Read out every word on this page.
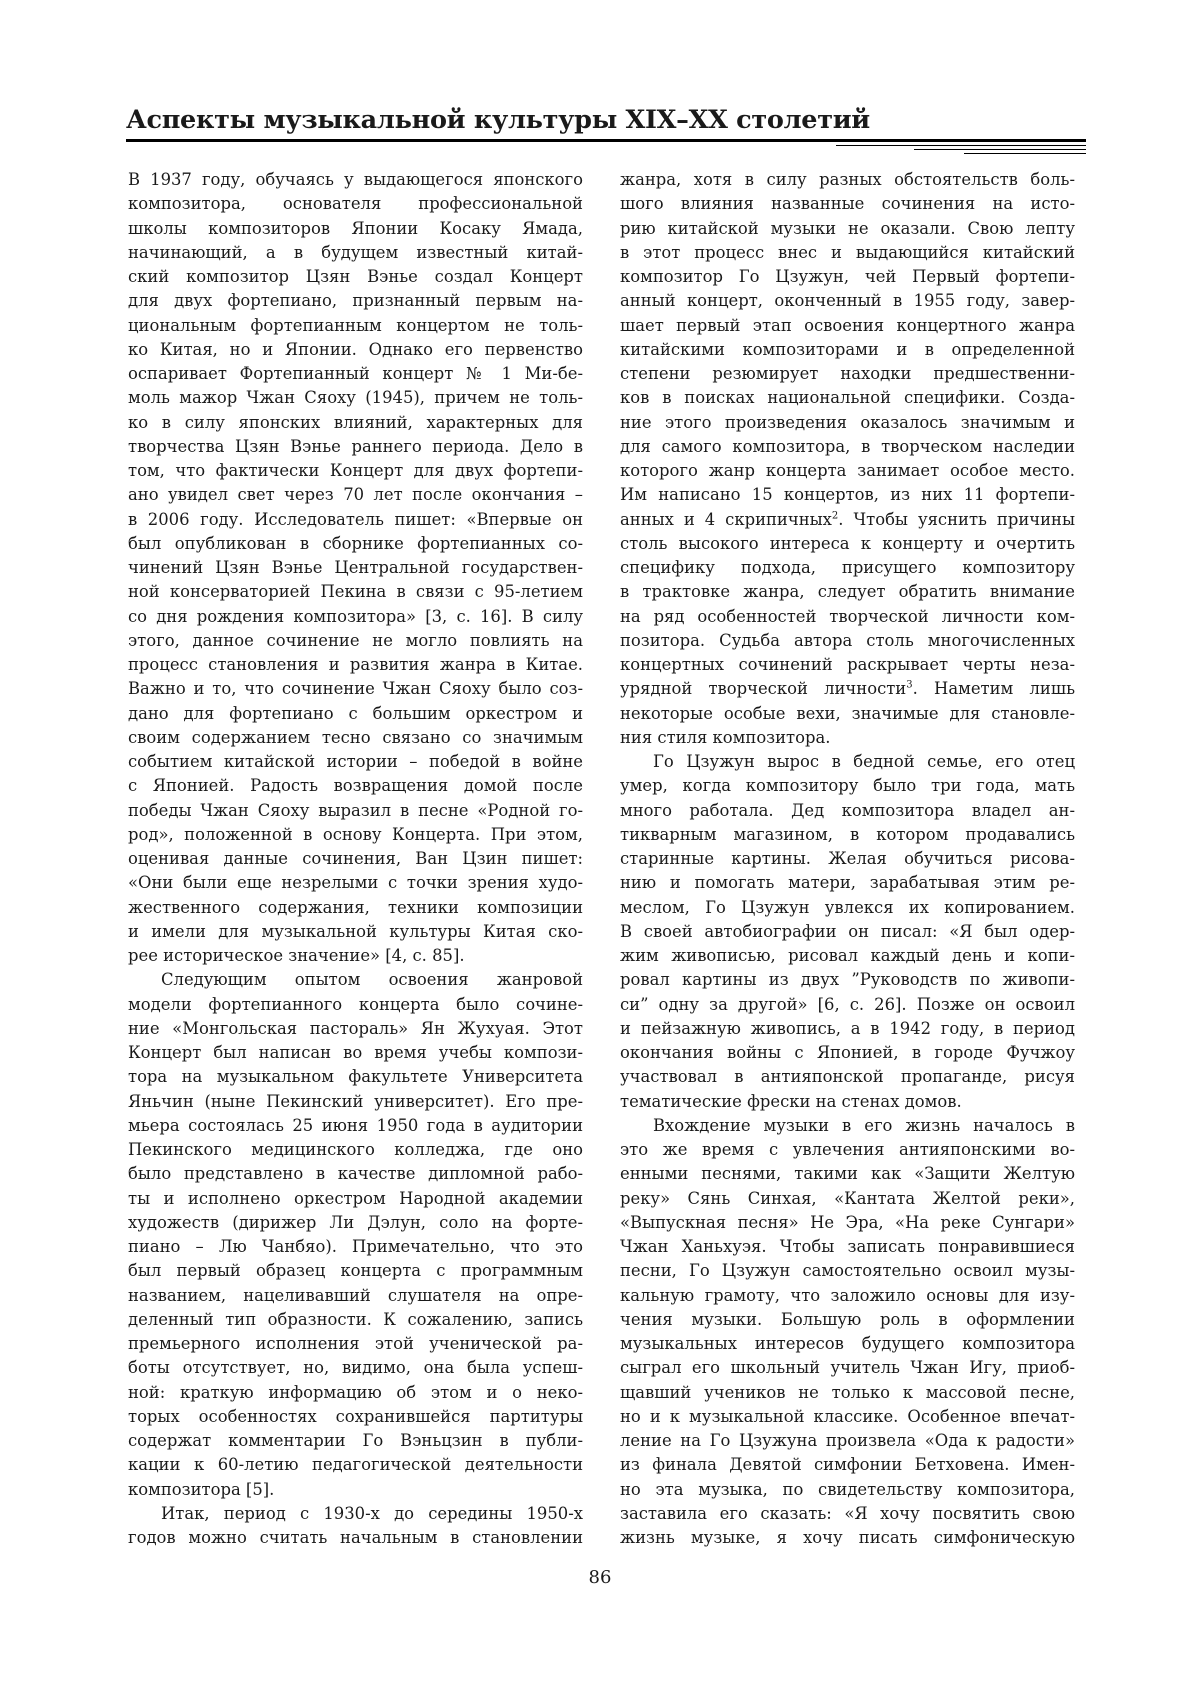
Аспекты музыкальной культуры XIX–XX столетий
В 1937 году, обучаясь у выдающегося японского
композитора, основателя профессиональной
школы композиторов Японии Косаку Ямада,
начинающий, а в будущем известный китай-
ский композитор Цзян Вэнье создал Концерт
для двух фортепиано, признанный первым на-
циональным фортепианным концертом не толь-
ко Китая, но и Японии. Однако его первенство
оспаривает Фортепианный концерт № 1 Ми-бе-
моль мажор Чжан Сяоху (1945), причем не толь-
ко в силу японских влияний, характерных для
творчества Цзян Вэнье раннего периода. Дело в
том, что фактически Концерт для двух фортепи-
ано увидел свет через 70 лет после окончания –
в 2006 году. Исследователь пишет: «Впервые он
был опубликован в сборнике фортепианных со-
чинений Цзян Вэнье Центральной государствен-
ной консерваторией Пекина в связи с 95-летием
со дня рождения композитора» [3, с. 16]. В силу
этого, данное сочинение не могло повлиять на
процесс становления и развития жанра в Китае.
Важно и то, что сочинение Чжан Сяоху было соз-
дано для фортепиано с большим оркестром и
своим содержанием тесно связано со значимым
событием китайской истории – победой в войне
с Японией. Радость возвращения домой после
победы Чжан Сяоху выразил в песне «Родной го-
род», положенной в основу Концерта. При этом,
оценивая данные сочинения, Ван Цзин пишет:
«Они были еще незрелыми с точки зрения худо-
жественного содержания, техники композиции
и имели для музыкальной культуры Китая ско-
рее историческое значение» [4, с. 85].
Следующим опытом освоения жанровой
модели фортепианного концерта было сочине-
ние «Монгольская пастораль» Ян Жухуая. Этот
Концерт был написан во время учебы компози-
тора на музыкальном факультете Университета
Яньчин (ныне Пекинский университет). Его пре-
мьера состоялась 25 июня 1950 года в аудитории
Пекинского медицинского колледжа, где оно
было представлено в качестве дипломной рабо-
ты и исполнено оркестром Народной академии
художеств (дирижер Ли Дэлун, соло на форте-
пиано – Лю Чанбяо). Примечательно, что это
был первый образец концерта с программным
названием, нацеливавший слушателя на опре-
деленный тип образности. К сожалению, запись
премьерного исполнения этой ученической ра-
боты отсутствует, но, видимо, она была успеш-
ной: краткую информацию об этом и о неко-
торых особенностях сохранившейся партитуры
содержат комментарии Го Вэньцзин в публи-
кации к 60-летию педагогической деятельности
композитора [5].
Итак, период с 1930-х до середины 1950-х
годов можно считать начальным в становлении
жанра, хотя в силу разных обстоятельств боль-
шого влияния названные сочинения на исто-
рию китайской музыки не оказали. Свою лепту
в этот процесс внес и выдающийся китайский
композитор Го Цзужун, чей Первый фортепи-
анный концерт, оконченный в 1955 году, завер-
шает первый этап освоения концертного жанра
китайскими композиторами и в определенной
степени резюмирует находки предшественни-
ков в поисках национальной специфики. Созда-
ние этого произведения оказалось значимым и
для самого композитора, в творческом наследии
которого жанр концерта занимает особое место.
Им написано 15 концертов, из них 11 фортепи-
анных и 4 скрипичных$^2$. Чтобы уяснить причины
столь высокого интереса к концерту и очертить
специфику подхода, присущего композитору
в трактовке жанра, следует обратить внимание
на ряд особенностей творческой личности ком-
позитора. Судьба автора столь многочисленных
концертных сочинений раскрывает черты неза-
урядной творческой личности$^3$. Наметим лишь
некоторые особые вехи, значимые для становле-
ния стиля композитора.
Го Цзужун вырос в бедной семье, его отец
умер, когда композитору было три года, мать
много работала. Дед композитора владел ан-
тикварным магазином, в котором продавались
старинные картины. Желая обучиться рисова-
нию и помогать матери, зарабатывая этим ре-
меслом, Го Цзужун увлекся их копированием.
В своей автобиографии он писал: «Я был одер-
жим живописью, рисовал каждый день и копи-
ровал картины из двух ”Руководств по живопи-
си” одну за другой» [6, с. 26]. Позже он освоил
и пейзажную живопись, а в 1942 году, в период
окончания войны с Японией, в городе Фучжоу
участвовал в антияпонской пропаганде, рисуя
тематические фрески на стенах домов.
Вхождение музыки в его жизнь началось в
это же время с увлечения антияпонскими во-
енными песнями, такими как «Защити Желтую
реку» Сянь Синхая, «Кантата Желтой реки»,
«Выпускная песня» Не Эра, «На реке Сунгари»
Чжан Ханьхуэя. Чтобы записать понравившиеся
песни, Го Цзужун самостоятельно освоил музы-
кальную грамоту, что заложило основы для изу-
чения музыки. Большую роль в оформлении
музыкальных интересов будущего композитора
сыграл его школьный учитель Чжан Игу, приоб-
щавший учеников не только к массовой песне,
но и к музыкальной классике. Особенное впечат-
ление на Го Цзужуна произвела «Ода к радости»
из финала Девятой симфонии Бетховена. Имен-
но эта музыка, по свидетельству композитора,
заставила его сказать: «Я хочу посвятить свою
жизнь музыке, я хочу писать симфоническую
86
